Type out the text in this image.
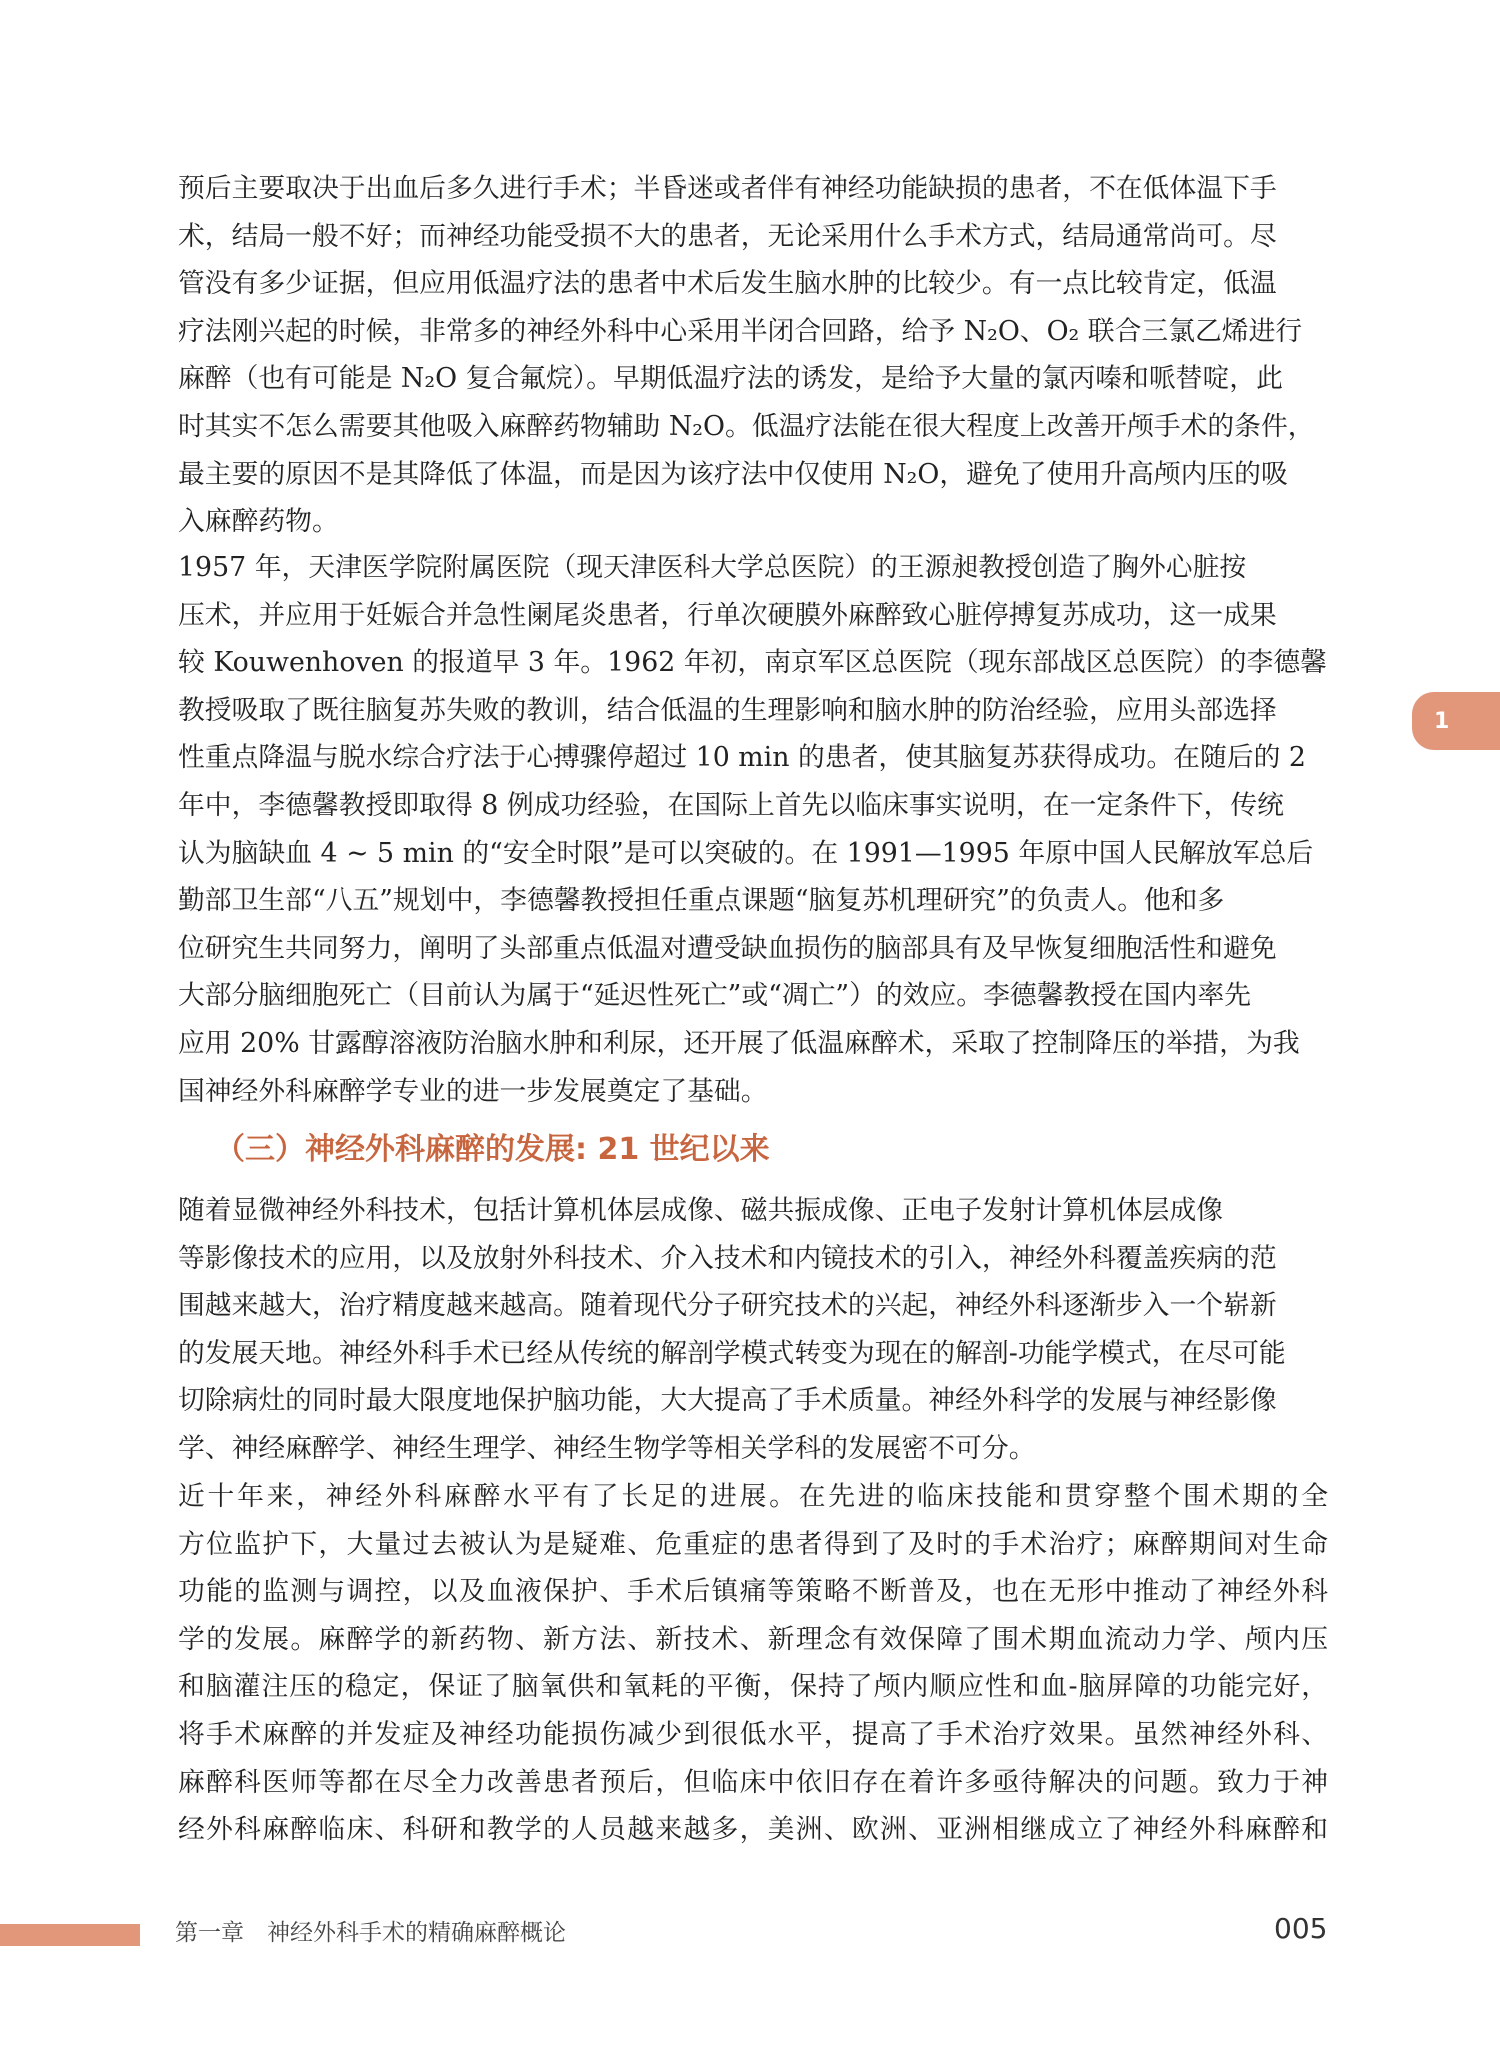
预后主要取决于出血后多久进行手术；半昏迷或者伴有神经功能缺损的患者，不在低体温下手
术，结局一般不好；而神经功能受损不大的患者，无论采用什么手术方式，结局通常尚可。尽
管没有多少证据，但应用低温疗法的患者中术后发生脑水肿的比较少。有一点比较肯定，低温
疗法刚兴起的时候，非常多的神经外科中心采用半闭合回路，给予 N₂O、O₂ 联合三氯乙烯进行
麻醉（也有可能是 N₂O 复合氟烷）。早期低温疗法的诱发，是给予大量的氯丙嗪和哌替啶，此
时其实不怎么需要其他吸入麻醉药物辅助 N₂O。低温疗法能在很大程度上改善开颅手术的条件，
最主要的原因不是其降低了体温，而是因为该疗法中仅使用 N₂O，避免了使用升高颅内压的吸
入麻醉药物。
1957 年，天津医学院附属医院（现天津医科大学总医院）的王源昶教授创造了胸外心脏按
压术，并应用于妊娠合并急性阑尾炎患者，行单次硬膜外麻醉致心脏停搏复苏成功，这一成果
较 Kouwenhoven 的报道早 3 年。1962 年初，南京军区总医院（现东部战区总医院）的李德馨
教授吸取了既往脑复苏失败的教训，结合低温的生理影响和脑水肿的防治经验，应用头部选择
性重点降温与脱水综合疗法于心搏骤停超过 10 min 的患者，使其脑复苏获得成功。在随后的 2
年中，李德馨教授即取得 8 例成功经验，在国际上首先以临床事实说明，在一定条件下，传统
认为脑缺血 4 ~ 5 min 的“安全时限”是可以突破的。在 1991—1995 年原中国人民解放军总后
勤部卫生部“八五”规划中，李德馨教授担任重点课题“脑复苏机理研究”的负责人。他和多
位研究生共同努力，阐明了头部重点低温对遭受缺血损伤的脑部具有及早恢复细胞活性和避免
大部分脑细胞死亡（目前认为属于“延迟性死亡”或“凋亡”）的效应。李德馨教授在国内率先
应用 20% 甘露醇溶液防治脑水肿和利尿，还开展了低温麻醉术，采取了控制降压的举措，为我
国神经外科麻醉学专业的进一步发展奠定了基础。
（三）神经外科麻醉的发展: 21 世纪以来
随着显微神经外科技术，包括计算机体层成像、磁共振成像、正电子发射计算机体层成像
等影像技术的应用，以及放射外科技术、介入技术和内镜技术的引入，神经外科覆盖疾病的范
围越来越大，治疗精度越来越高。随着现代分子研究技术的兴起，神经外科逐渐步入一个崭新
的发展天地。神经外科手术已经从传统的解剖学模式转变为现在的解剖-功能学模式，在尽可能
切除病灶的同时最大限度地保护脑功能，大大提高了手术质量。神经外科学的发展与神经影像
学、神经麻醉学、神经生理学、神经生物学等相关学科的发展密不可分。
近十年来，神经外科麻醉水平有了长足的进展。在先进的临床技能和贯穿整个围术期的全
方位监护下，大量过去被认为是疑难、危重症的患者得到了及时的手术治疗；麻醉期间对生命
功能的监测与调控，以及血液保护、手术后镇痛等策略不断普及，也在无形中推动了神经外科
学的发展。麻醉学的新药物、新方法、新技术、新理念有效保障了围术期血流动力学、颅内压
和脑灌注压的稳定，保证了脑氧供和氧耗的平衡，保持了颅内顺应性和血-脑屏障的功能完好，
将手术麻醉的并发症及神经功能损伤减少到很低水平，提高了手术治疗效果。虽然神经外科、
麻醉科医师等都在尽全力改善患者预后，但临床中依旧存在着许多亟待解决的问题。致力于神
经外科麻醉临床、科研和教学的人员越来越多，美洲、欧洲、亚洲相继成立了神经外科麻醉和
1
第一章　神经外科手术的精确麻醉概论	005
